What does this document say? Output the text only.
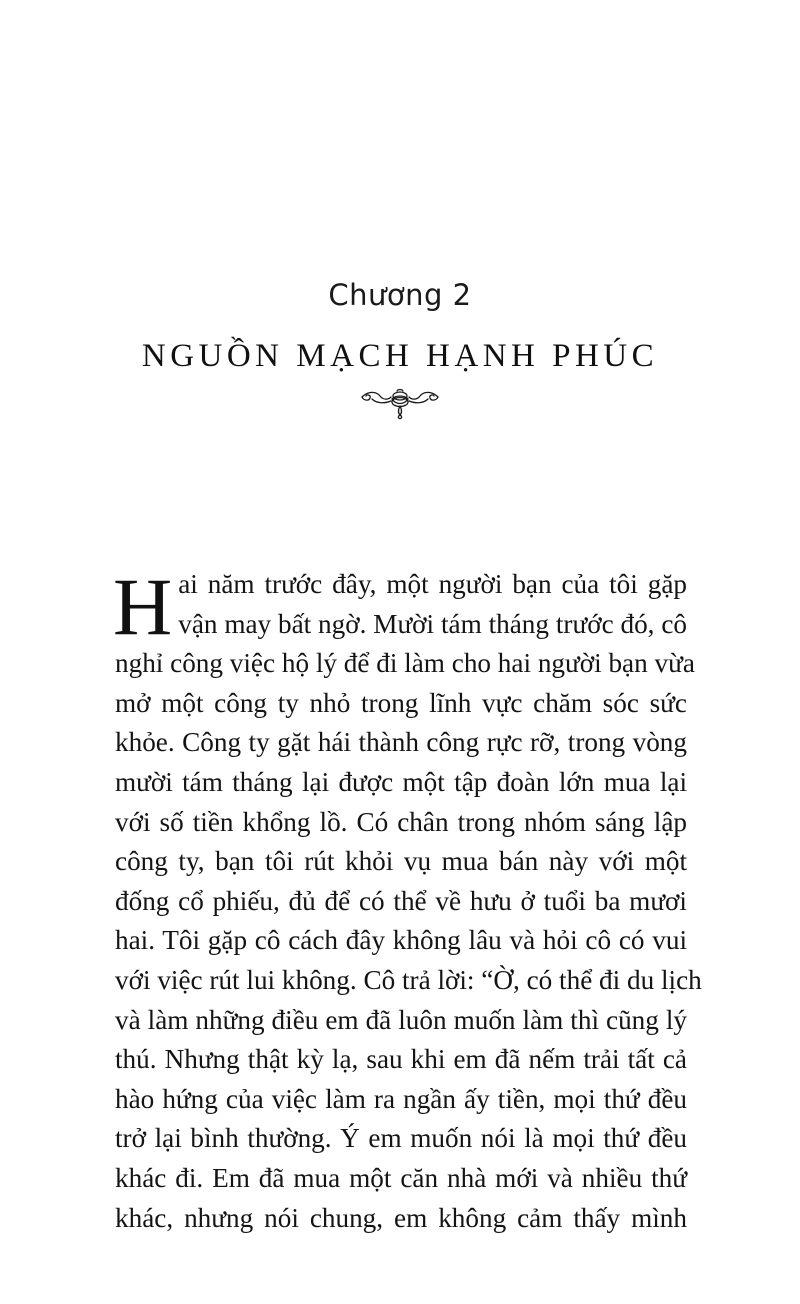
Chương 2
NGUỒN MẠCH HẠNH PHÚC
H ai năm trước đây, một người bạn của tôi gặp
vận may bất ngờ. Mười tám tháng trước đó, cô
nghỉ công việc hộ lý để đi làm cho hai người bạn vừa
mở một công ty nhỏ trong lĩnh vực chăm sóc sức
khỏe. Công ty gặt hái thành công rực rỡ, trong vòng
mười tám tháng lại được một tập đoàn lớn mua lại
với số tiền khổng lồ. Có chân trong nhóm sáng lập
công ty, bạn tôi rút khỏi vụ mua bán này với một
đống cổ phiếu, đủ để có thể về hưu ở tuổi ba mươi
hai. Tôi gặp cô cách đây không lâu và hỏi cô có vui
với việc rút lui không. Cô trả lời: “Ờ, có thể đi du lịch
và làm những điều em đã luôn muốn làm thì cũng lý
thú. Nhưng thật kỳ lạ, sau khi em đã nếm trải tất cả
hào hứng của việc làm ra ngần ấy tiền, mọi thứ đều
trở lại bình thường. Ý em muốn nói là mọi thứ đều
khác đi. Em đã mua một căn nhà mới và nhiều thứ
khác, nhưng nói chung, em không cảm thấy mình
